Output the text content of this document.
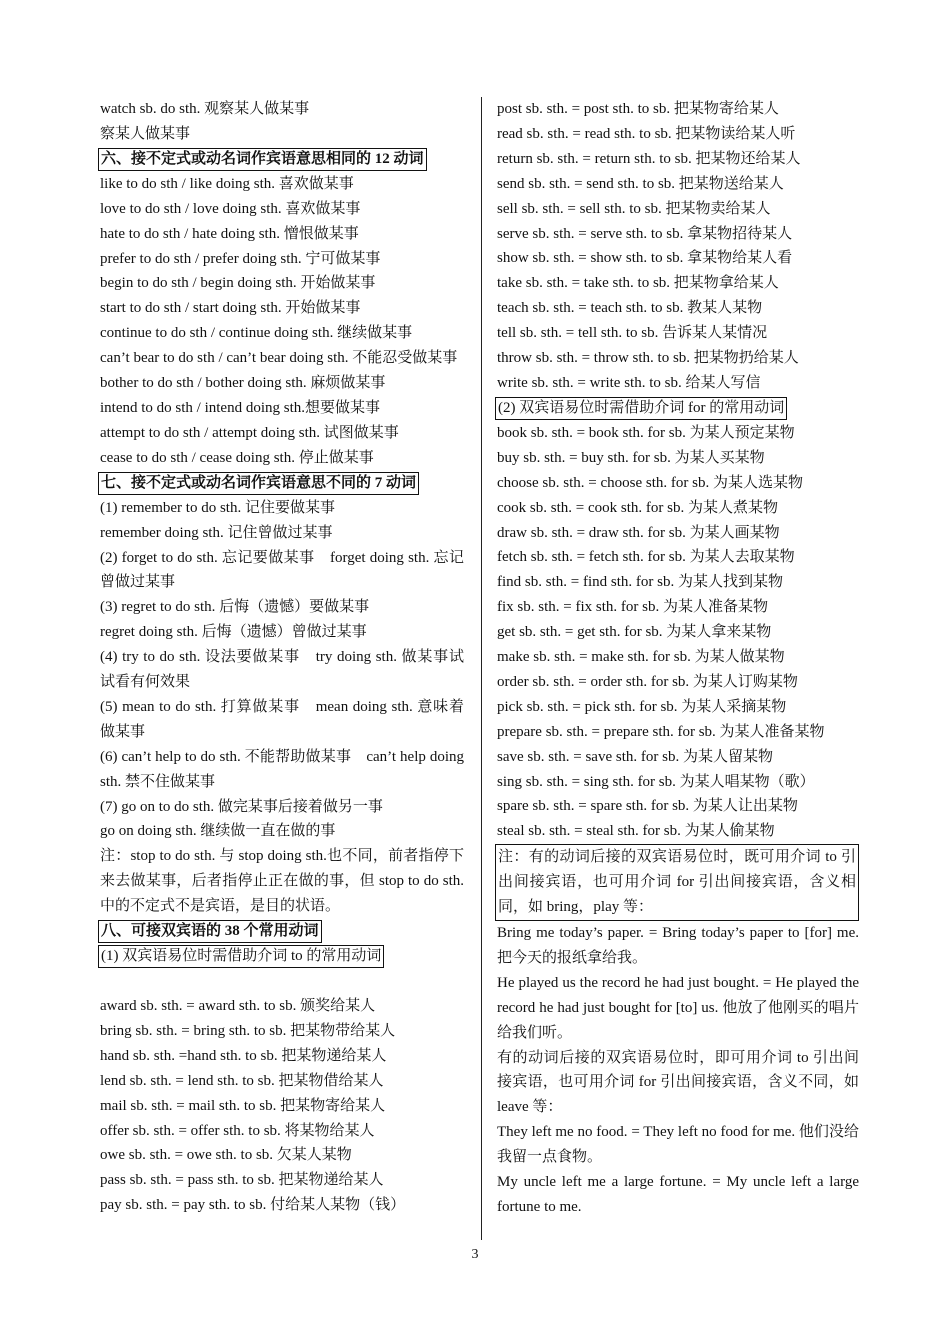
watch sb. do sth. 观察某人做某事

察某人做某事

六、接不定式或动名词作宾语意思相同的 12 动词

like to do sth / like doing sth. 喜欢做某事

love to do sth / love doing sth. 喜欢做某事

hate to do sth / hate doing sth. 憎恨做某事

prefer to do sth / prefer doing sth. 宁可做某事

begin to do sth / begin doing sth. 开始做某事

start to do sth / start doing sth. 开始做某事

continue to do sth / continue doing sth. 继续做某事

can’t bear to do sth / can’t bear doing sth. 不能忍受做某事

bother to do sth / bother doing sth. 麻烦做某事

intend to do sth / intend doing sth.想要做某事

attempt to do sth / attempt doing sth. 试图做某事

cease to do sth / cease doing sth. 停止做某事

七、接不定式或动名词作宾语意思不同的 7 动词

(1) remember to do sth. 记住要做某事

remember doing sth. 记住曾做过某事

(2) forget to do sth. 忘记要做某事　forget doing sth. 忘记曾做过某事

(3) regret to do sth. 后悔（遗憾）要做某事

regret doing sth. 后悔（遗憾）曾做过某事

(4) try to do sth. 设法要做某事　try doing sth. 做某事试试看有何效果

(5) mean to do sth. 打算做某事　mean doing sth. 意味着做某事

(6) can’t help to do sth. 不能帮助做某事　can’t help doing sth. 禁不住做某事

(7) go on to do sth. 做完某事后接着做另一事

go on doing sth. 继续做一直在做的事

注：stop to do sth. 与 stop doing sth.也不同，前者指停下来去做某事，后者指停止正在做的事，但 stop to do sth. 中的不定式不是宾语，是目的状语。

八、可接双宾语的 38 个常用动词

(1) 双宾语易位时需借助介词 to 的常用动词

award sb. sth. = award sth. to sb. 颁奖给某人

bring sb. sth. = bring sth. to sb. 把某物带给某人

hand sb. sth. =hand sth. to sb. 把某物递给某人

lend sb. sth. = lend sth. to sb. 把某物借给某人

mail sb. sth. = mail sth. to sb. 把某物寄给某人

offer sb. sth. = offer sth. to sb. 将某物给某人

owe sb. sth. = owe sth. to sb. 欠某人某物

pass sb. sth. = pass sth. to sb. 把某物递给某人

pay sb. sth. = pay sth. to sb. 付给某人某物（钱）

post sb. sth. = post sth. to sb. 把某物寄给某人

read sb. sth. = read sth. to sb. 把某物读给某人听

return sb. sth. = return sth. to sb. 把某物还给某人

send sb. sth. = send sth. to sb. 把某物送给某人

sell sb. sth. = sell sth. to sb. 把某物卖给某人

serve sb. sth. = serve sth. to sb. 拿某物招待某人

show sb. sth. = show sth. to sb. 拿某物给某人看

take sb. sth. = take sth. to sb. 把某物拿给某人

teach sb. sth. = teach sth. to sb. 教某人某物

tell sb. sth. = tell sth. to sb. 告诉某人某情况

throw sb. sth. = throw sth. to sb. 把某物扔给某人

write sb. sth. = write sth. to sb. 给某人写信

(2) 双宾语易位时需借助介词 for 的常用动词

book sb. sth. = book sth. for sb. 为某人预定某物

buy sb. sth. = buy sth. for sb. 为某人买某物

choose sb. sth. = choose sth. for sb. 为某人选某物

cook sb. sth. = cook sth. for sb. 为某人煮某物

draw sb. sth. = draw sth. for sb. 为某人画某物

fetch sb. sth. = fetch sth. for sb. 为某人去取某物

find sb. sth. = find sth. for sb. 为某人找到某物

fix sb. sth. = fix sth. for sb. 为某人准备某物

get sb. sth. = get sth. for sb. 为某人拿来某物

make sb. sth. = make sth. for sb. 为某人做某物

order sb. sth. = order sth. for sb. 为某人订购某物

pick sb. sth. = pick sth. for sb. 为某人采摘某物

prepare sb. sth. = prepare sth. for sb. 为某人准备某物

save sb. sth. = save sth. for sb. 为某人留某物

sing sb. sth. = sing sth. for sb. 为某人唱某物（歌）

spare sb. sth. = spare sth. for sb. 为某人让出某物

steal sb. sth. = steal sth. for sb. 为某人偷某物

注：有的动词后接的双宾语易位时，既可用介词 to 引出间接宾语，也可用介词 for 引出间接宾语，含义相同，如 bring，play 等：

Bring me today’s paper. = Bring today’s paper to [for] me. 把今天的报纸拿给我。

He played us the record he had just bought. = He played the record he had just bought for [to] us. 他放了他刚买的唱片给我们听。

有的动词后接的双宾语易位时，即可用介词 to 引出间接宾语，也可用介词 for 引出间接宾语，含义不同，如 leave 等：

They left me no food. = They left no food for me. 他们没给我留一点食物。

My uncle left me a large fortune. = My uncle left a large fortune to me.

3
